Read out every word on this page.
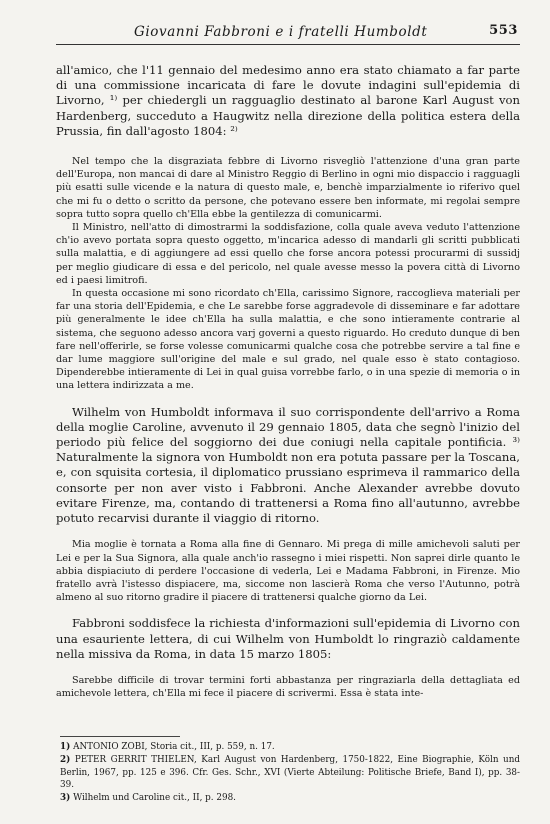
Giovanni Fabbroni e i fratelli Humboldt	553

all'amico, che l'11 gennaio del medesimo anno era stato chiamato a far parte di una commissione incaricata di fare le dovute indagini sull'epidemia di Livorno, ¹⁾ per chiedergli un ragguaglio destinato al barone Karl August von Hardenberg, succeduto a Haugwitz nella direzione della politica estera della Prussia, fin dall'agosto 1804: ²⁾

Nel tempo che la disgraziata febbre di Livorno risvegliò l'attenzione d'una gran parte dell'Europa, non mancai di dare al Ministro Reggio di Berlino in ogni mio dispaccio i ragguagli più esatti sulle vicende e la natura di questo male, e, benchè imparzialmente io riferivo quel che mi fu o detto o scritto da persone, che potevano essere ben informate, mi regolai sempre sopra tutto sopra quello ch'Ella ebbe la gentilezza di comunicarmi.

Il Ministro, nell'atto di dimostrarmi la soddisfazione, colla quale aveva veduto l'attenzione ch'io avevo portata sopra questo oggetto, m'incarica adesso di mandarli gli scritti pubblicati sulla malattia, e di aggiungere ad essi quello che forse ancora potessi procurarmi di sussidj per meglio giudicare di essa e del pericolo, nel quale avesse messo la povera città di Livorno ed i paesi limitrofi.

In questa occasione mi sono ricordato ch'Ella, carissimo Signore, raccoglieva materiali per far una storia dell'Epidemia, e che Le sarebbe forse aggradevole di disseminare e far adottare più generalmente le idee ch'Ella ha sulla malattia, e che sono intieramente contrarie al sistema, che seguono adesso ancora varj governi a questo riguardo. Ho creduto dunque di ben fare nell'offerirle, se forse volesse comunicarmi qualche cosa che potrebbe servire a tal fine e dar lume maggiore sull'origine del male e sul grado, nel quale esso è stato contagioso. Dipenderebbe intieramente di Lei in qual guisa vorrebbe farlo, o in una spezie di memoria o in una lettera indirizzata a me.

Wilhelm von Humboldt informava il suo corrispondente dell'arrivo a Roma della moglie Caroline, avvenuto il 29 gennaio 1805, data che segnò l'inizio del periodo più felice del soggiorno dei due coniugi nella capitale pontificia. ³⁾ Naturalmente la signora von Humboldt non era potuta passare per la Toscana, e, con squisita cortesia, il diplomatico prussiano esprimeva il rammarico della consorte per non aver visto i Fabbroni. Anche Alexander avrebbe dovuto evitare Firenze, ma, contando di trattenersi a Roma fino all'autunno, avrebbe potuto recarvisi durante il viaggio di ritorno.

Mia moglie è tornata a Roma alla fine di Gennaro. Mi prega di mille amichevoli saluti per Lei e per la Sua Signora, alla quale anch'io rassegno i miei rispetti. Non saprei dirle quanto le abbia dispiaciuto di perdere l'occasione di vederla, Lei e Madama Fabbroni, in Firenze. Mio fratello avrà l'istesso dispiacere, ma, siccome non lascierà Roma che verso l'Autunno, potrà almeno al suo ritorno gradire il piacere di trattenersi qualche giorno da Lei.

Fabbroni soddisfece la richiesta d'informazioni sull'epidemia di Livorno con una esauriente lettera, di cui Wilhelm von Humboldt lo ringraziò caldamente nella missiva da Roma, in data 15 marzo 1805:

Sarebbe difficile di trovar termini forti abbastanza per ringraziarla della dettagliata ed amichevole lettera, ch'Ella mi fece il piacere di scrivermi. Essa è stata inte-

1) ANTONIO ZOBI, Storia cit., III, p. 559, n. 17.

2) PETER GERRIT THIELEN, Karl August von Hardenberg, 1750-1822, Eine Biographie, Köln und Berlin, 1967, pp. 125 e 396. Cfr. Ges. Schr., XVI (Vierte Abteilung: Politische Briefe, Band I), pp. 38-39.

3) Wilhelm und Caroline cit., II, p. 298.
